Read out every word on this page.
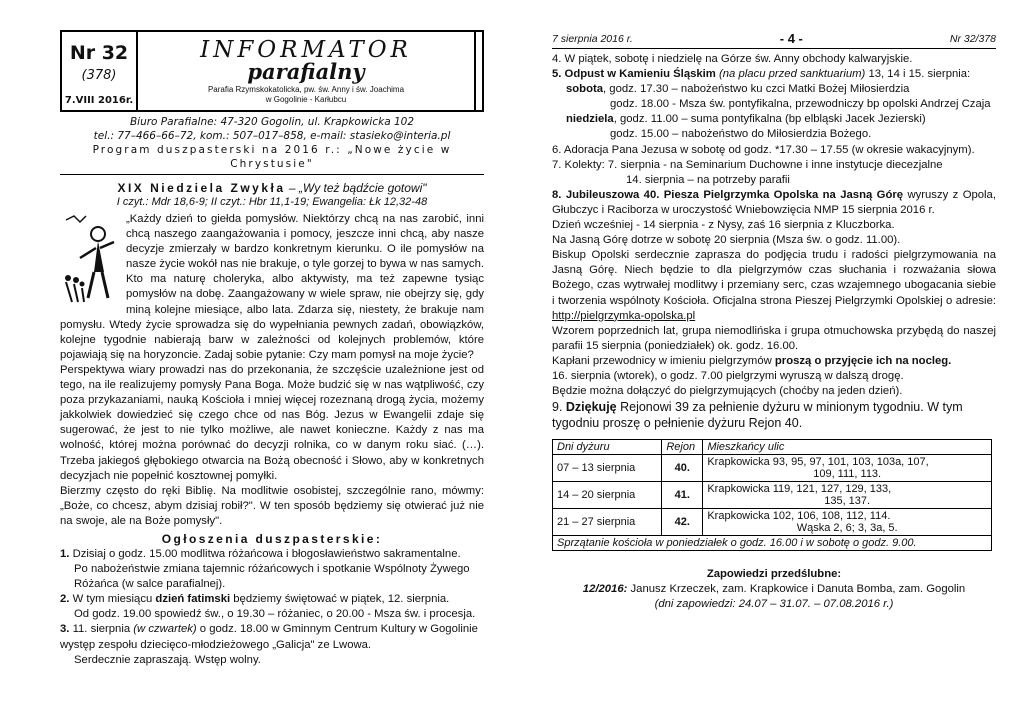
Nr 32
(378)
7.VIII 2016r.
INFORMATOR
parafialny
Parafia Rzymskokatolicka, pw. św. Anny i św. Joachima
w Gogolinie - Karłubcu
Biuro Parafialne: 47-320 Gogolin, ul. Krapkowicka 102
tel.: 77–466–66–72, kom.: 507–017–858, e-mail: stasieko@interia.pl
Program duszpasterski na 2016 r.: „Nowe życie w Chrystusie"
XIX Niedziela Zwykła – „Wy też bądźcie gotowi"
I czyt.: Mdr 18,6-9; II czyt.: Hbr 11,1-19; Ewangelia: Łk 12,32-48

„Każdy dzień to giełda pomysłów. Niektórzy chcą na nas zarobić, inni chcą naszego zaangażowania i pomocy, jeszcze inni chcą, aby nasze decyzje zmierzały w bardzo konkretnym kierunku. O ile pomysłów na nasze życie wokół nas nie brakuje, o tyle gorzej to bywa w nas samych. Kto ma naturę choleryka, albo aktywisty, ma też zapewne tysiąc pomysłów na dobę. Zaangażowany w wiele spraw, nie obejrzy się, gdy miną kolejne miesiące, albo lata. Zdarza się, niestety, że brakuje nam pomysłu. Wtedy życie sprowadza się do wypełniania pewnych zadań, obowiązków, kolejne tygodnie nabierają barw w zależności od kolejnych problemów, które pojawiają się na horyzoncie. Zadaj sobie pytanie: Czy mam pomysł na moje życie?

Perspektywa wiary prowadzi nas do przekonania, że szczęście uzależnione jest od tego, na ile realizujemy pomysły Pana Boga. Może budzić się w nas wątpliwość, czy poza przykazaniami, nauką Kościoła i mniej więcej rozeznaną drogą życia, możemy jakkolwiek dowiedzieć się czego chce od nas Bóg. Jezus w Ewangelii zdaje się sugerować, że jest to nie tylko możliwe, ale nawet konieczne. Każdy z nas ma wolność, której można porównać do decyzji rolnika, co w danym roku siać. (…). Trzeba jakiegoś głębokiego otwarcia na Bożą obecność i Słowo, aby w konkretnych decyzjach nie popełnić kosztownej pomyłki.

Bierzmy często do ręki Biblię. Na modlitwie osobistej, szczególnie rano, mówmy: „Boże, co chcesz, abym dzisiaj robił?". W ten sposób będziemy się otwierać już nie na swoje, ale na Boże pomysły".

Ogłoszenia duszpasterskie:

1. Dzisiaj o godz. 15.00 modlitwa różańcowa i błogosławieństwo sakramentalne.

Po nabożeństwie zmiana tajemnic różańcowych i spotkanie Wspólnoty Żywego Różańca (w salce parafialnej).

2. W tym miesiącu dzień fatimski będziemy świętować w piątek, 12. sierpnia.

Od godz. 19.00 spowiedź św., o 19.30 – różaniec, o 20.00 - Msza św. i procesja.

3. 11. sierpnia (w czwartek) o godz. 18.00 w Gminnym Centrum Kultury w Gogolinie występ zespołu dziecięco-młodzieżowego „Galicja" ze Lwowa.

Serdecznie zapraszają. Wstęp wolny.

7 sierpnia 2016 r.	- 4 -	Nr 32/378

4. W piątek, sobotę i niedzielę na Górze św. Anny obchody kalwaryjskie.

5. Odpust w Kamieniu Śląskim (na placu przed sanktuarium) 13, 14 i 15. sierpnia:

sobota, godz. 17.30 – nabożeństwo ku czci Matki Bożej Miłosierdzia

godz. 18.00 - Msza św. pontyfikalna, przewodniczy bp opolski Andrzej Czaja

niedziela, godz. 11.00 – suma pontyfikalna (bp elbląski Jacek Jezierski)

godz. 15.00 – nabożeństwo do Miłosierdzia Bożego.

6. Adoracja Pana Jezusa w sobotę od godz. *17.30 – 17.55 (w okresie wakacyjnym).

7. Kolekty: 7. sierpnia - na Seminarium Duchowne i inne instytucje diecezjalne

14. sierpnia – na potrzeby parafii

8. Jubileuszowa 40. Piesza Pielgrzymka Opolska na Jasną Górę wyruszy z Opola, Głubczyc i Raciborza w uroczystość Wniebowzięcia NMP 15 sierpnia 2016 r.

Dzień wcześniej - 14 sierpnia - z Nysy, zaś 16 sierpnia z Kluczborka.

Na Jasną Górę dotrze w sobotę 20 sierpnia (Msza św. o godz. 11.00).

Biskup Opolski serdecznie zaprasza do podjęcia trudu i radości pielgrzymowania na Jasną Górę. Niech będzie to dla pielgrzymów czas słuchania i rozważania słowa Bożego, czas wytrwałej modlitwy i przemiany serc, czas wzajemnego ubogacania siebie i tworzenia wspólnoty Kościoła. Oficjalna strona Pieszej Pielgrzymki Opolskiej o adresie: http://pielgrzymka-opolska.pl

Wzorem poprzednich lat, grupa niemodlińska i grupa otmuchowska przybędą do naszej parafii 15 sierpnia (poniedziałek) ok. godz. 16.00.

Kapłani przewodnicy w imieniu pielgrzymów proszą o przyjęcie ich na nocleg.

16. sierpnia (wtorek), o godz. 7.00 pielgrzymi wyruszą w dalszą drogę.

Będzie można dołączyć do pielgrzymujących (choćby na jeden dzień).

9. Dziękuję Rejonowi 39 za pełnienie dyżuru w minionym tygodniu. W tym tygodniu proszę o pełnienie dyżuru Rejon 40.

Dni dyżuru	Rejon	Mieszkańcy ulic
07 – 13 sierpnia	40.	Krapkowicka 93, 95, 97, 101, 103, 103a, 107,
109, 111, 113.

14 – 20 sierpnia	41.	Krapkowicka 119, 121, 127, 129, 133,
135, 137.

21 – 27 sierpnia	42.	Krapkowicka 102, 106, 108, 112, 114.
Wąska 2, 6; 3, 3a, 5.

Sprzątanie kościoła w poniedziałek o godz. 16.00 i w sobotę o godz. 9.00.		
Zapowiedzi przedślubne:
12/2016: Janusz Krzeczek, zam. Krapkowice i Danuta Bomba, zam. Gogolin
(dni zapowiedzi: 24.07 – 31.07. – 07.08.2016 r.)
